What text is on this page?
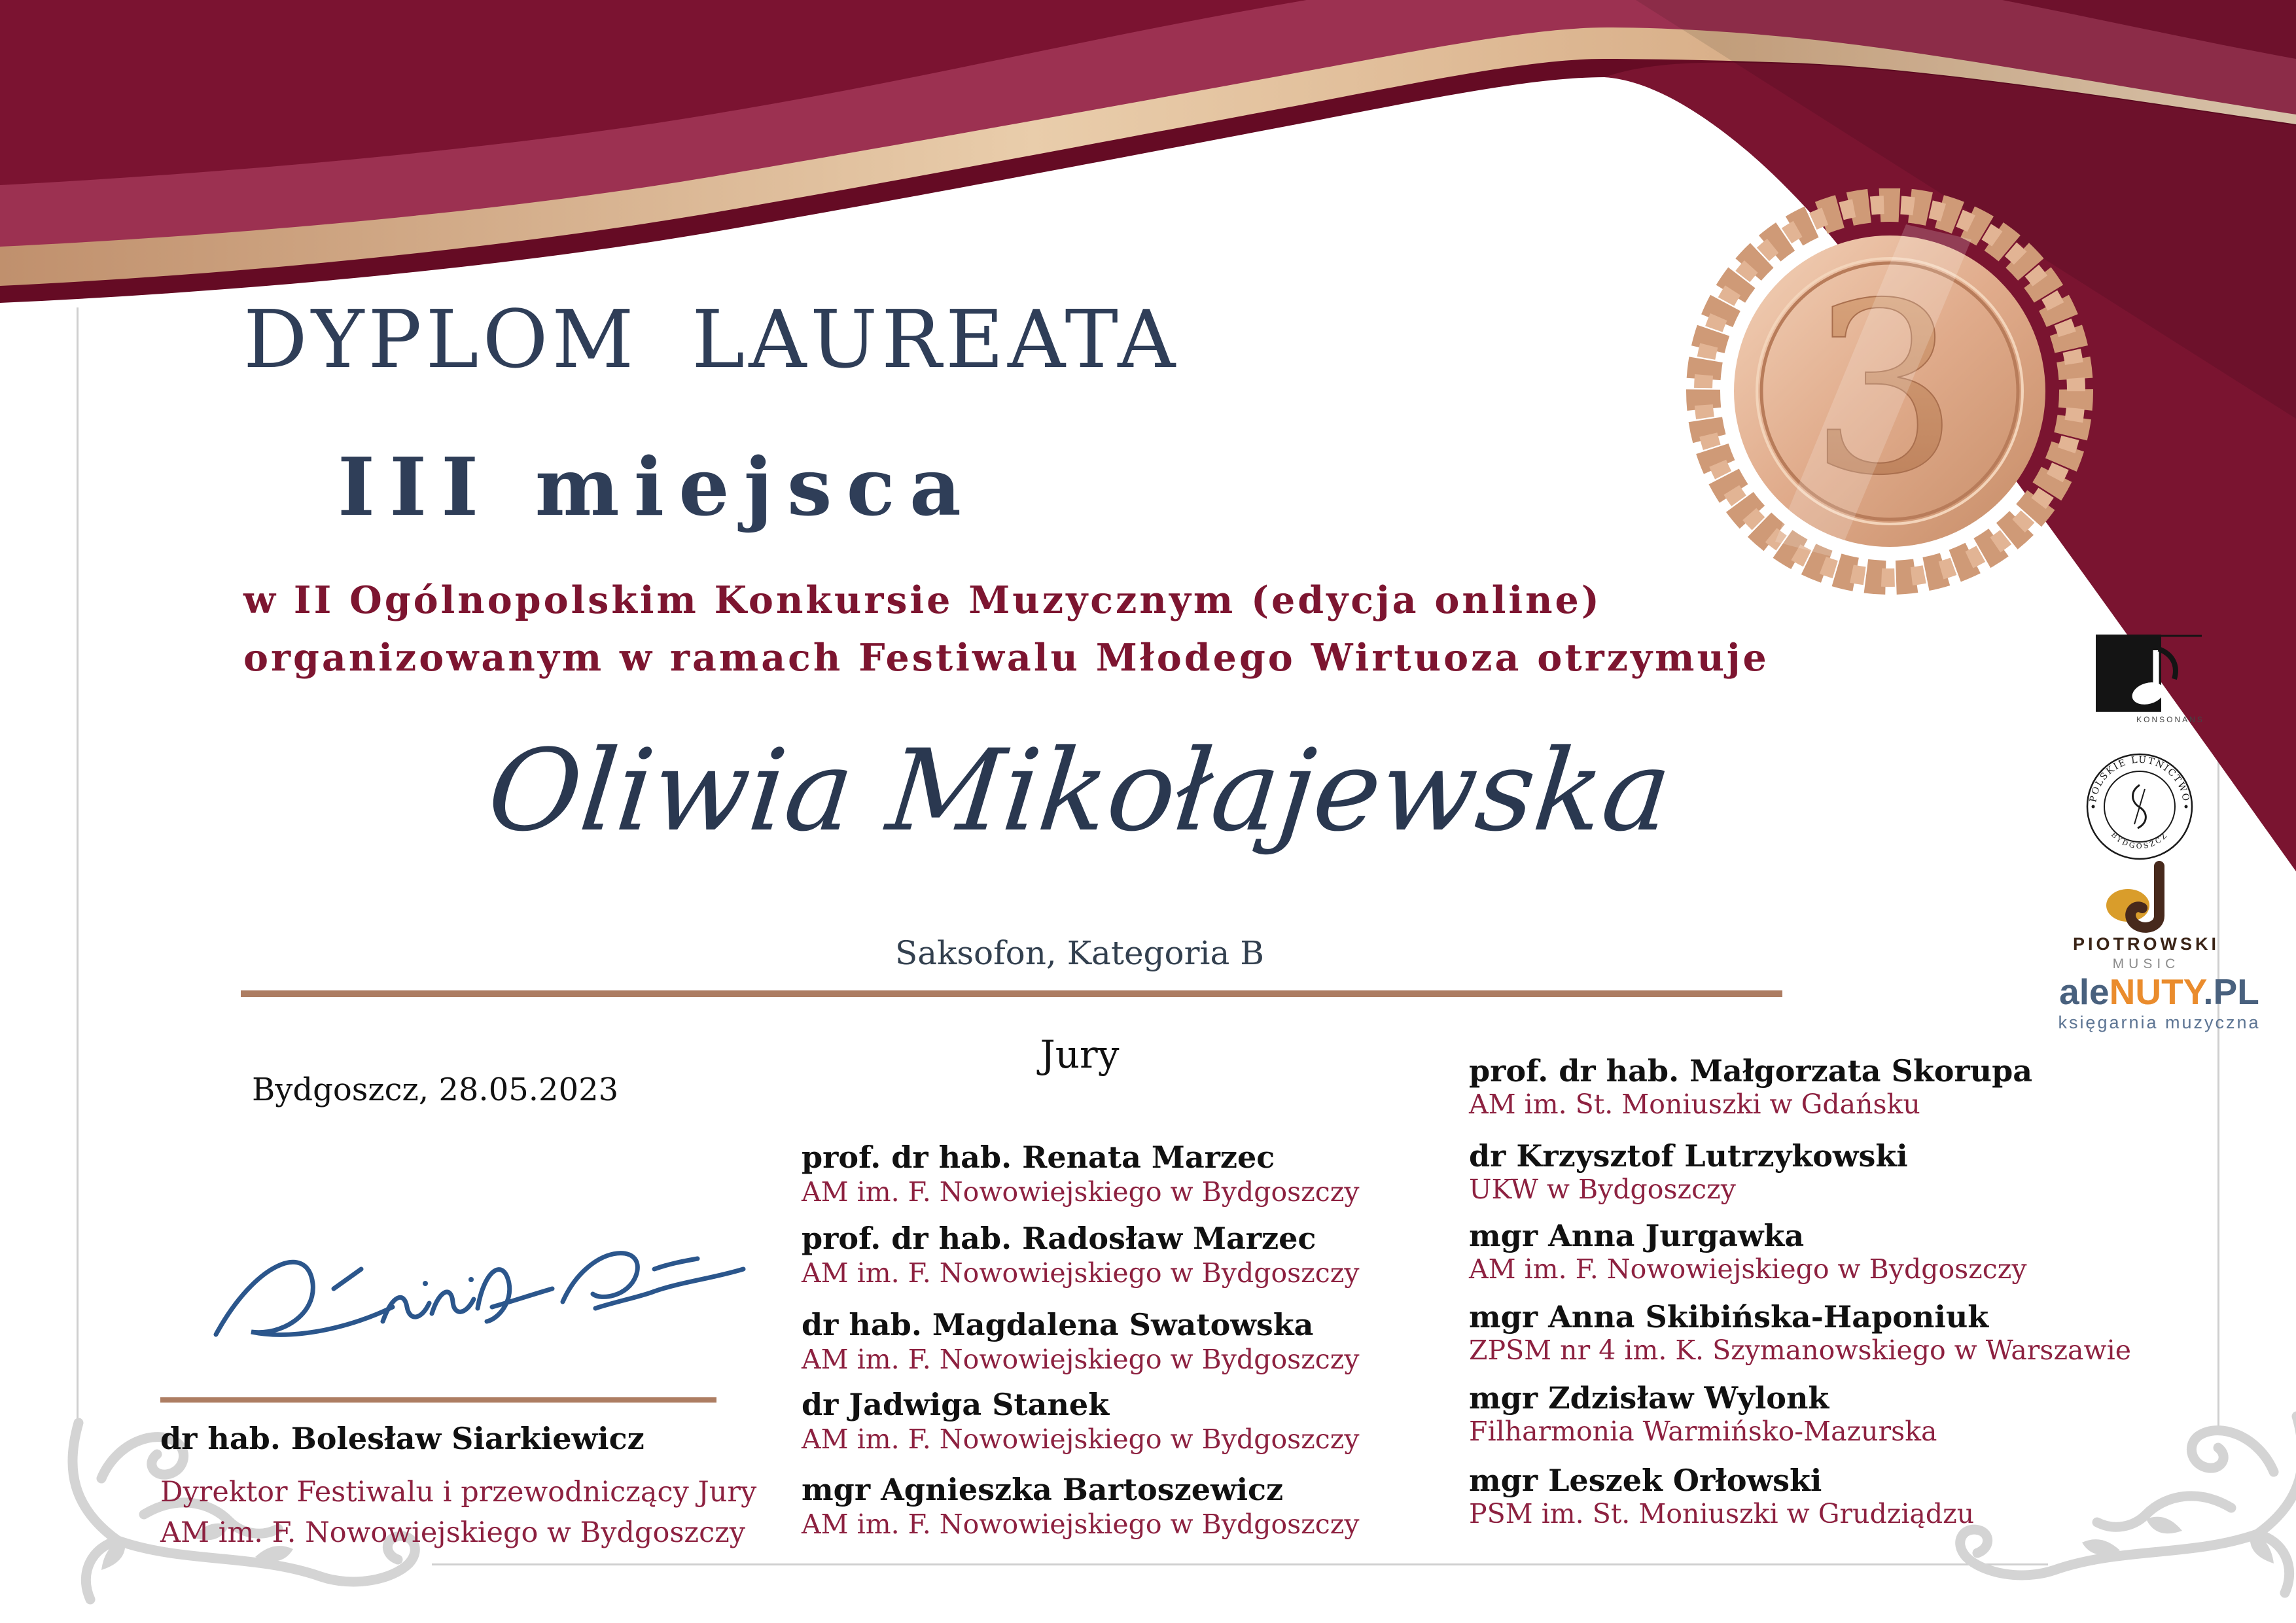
3
DYPLOM LAUREATA
III miejsca
w II Ogólnopolskim Konkursie Muzycznym (edycja online)
organizowanym w ramach Festiwalu Młodego Wirtuoza otrzymuje
Oliwia Mikołajewska
Saksofon, Kategoria B
Jury
Bydgoszcz, 28.05.2023
prof. dr hab. Renata Marzec
AM im. F. Nowowiejskiego w Bydgoszczy
prof. dr hab. Radosław Marzec
AM im. F. Nowowiejskiego w Bydgoszczy
dr hab. Magdalena Swatowska
AM im. F. Nowowiejskiego w Bydgoszczy
dr Jadwiga Stanek
AM im. F. Nowowiejskiego w Bydgoszczy
mgr Agnieszka Bartoszewicz
AM im. F. Nowowiejskiego w Bydgoszczy
prof. dr hab. Małgorzata Skorupa
AM im. St. Moniuszki w Gdańsku
dr Krzysztof Lutrzykowski
UKW w Bydgoszczy
mgr Anna Jurgawka
AM im. F. Nowowiejskiego w Bydgoszczy
mgr Anna Skibińska-Haponiuk
ZPSM nr 4 im. K. Szymanowskiego w Warszawie
mgr Zdzisław Wylonk
Filharmonia Warmińsko-Mazurska
mgr Leszek Orłowski
PSM im. St. Moniuszki w Grudziądzu
dr hab. Bolesław Siarkiewicz
Dyrektor Festiwalu i przewodniczący Jury
AM im. F. Nowowiejskiego w Bydgoszczy
KONSONANS
POLSKIE LUTNICTWO
BYDGOSZCZ
PIOTROWSKI
MUSIC
aleNUTY.PL
księgarnia muzyczna
